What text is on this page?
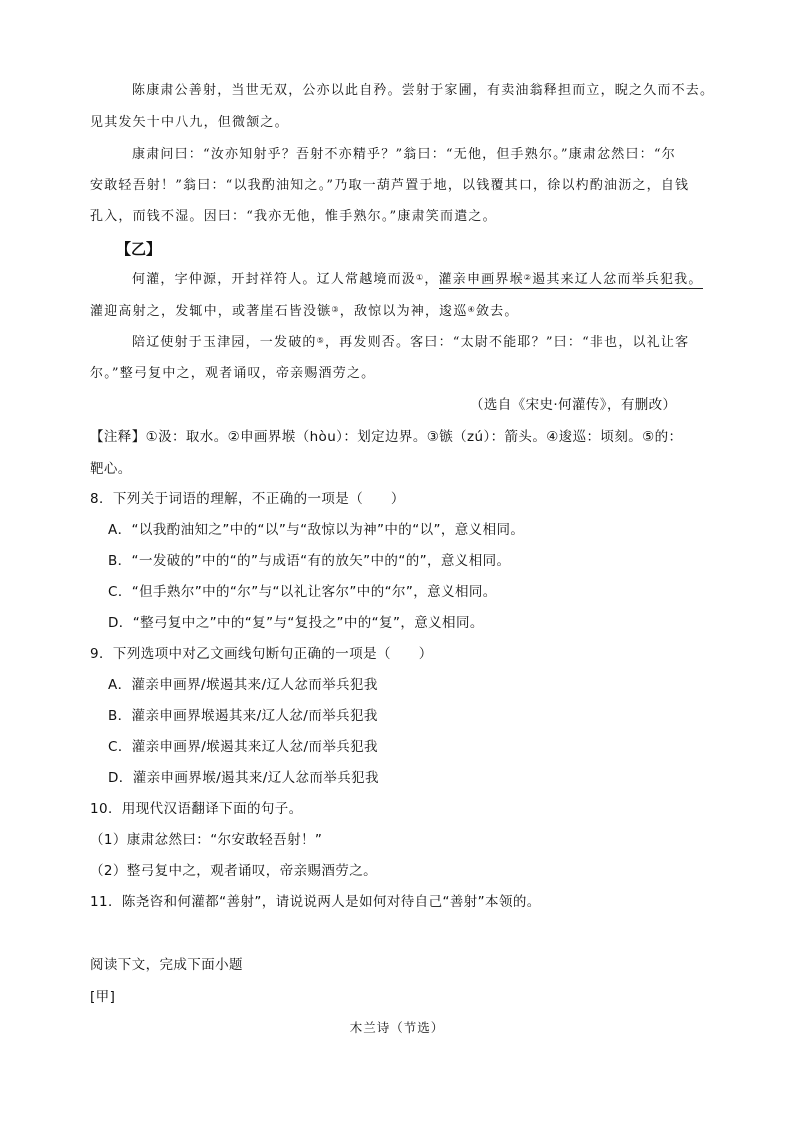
陈康肃公善射，当世无双，公亦以此自矜。尝射于家圃，有卖油翁释担而立，睨之久而不去。
见其发矢十中八九，但微颔之。
康肃问曰：“汝亦知射乎？吾射不亦精乎？”翁曰：“无他，但手熟尔。”康肃忿然曰：“尔
安敢轻吾射！”翁曰：“以我酌油知之。”乃取一葫芦置于地，以钱覆其口，徐以杓酌油沥之，自钱
孔入，而钱不湿。因曰：“我亦无他，惟手熟尔。”康肃笑而遣之。
【乙】
何灌，字仲源，开封祥符人。辽人常越境而汲①，灌亲申画界堠②遏其来辽人忿而举兵犯我。
灌迎高射之，发辄中，或著崖石皆没镞③，敌惊以为神，逡巡④敛去。
陪辽使射于玉津园，一发破的⑤，再发则否。客曰：“太尉不能耶？”曰：“非也，以礼让客
尔。”整弓复中之，观者诵叹，帝亲赐酒劳之。
（选自《宋史·何灌传》，有删改）
【注释】①汲：取水。②申画界堠（hòu）：划定边界。③镞（zú）：箭头。④逡巡：顷刻。⑤的：
靶心。
8．下列关于词语的理解，不正确的一项是（　　）
A．“以我酌油知之”中的“以”与“敌惊以为神”中的“以”，意义相同。
B．“一发破的”中的“的”与成语“有的放矢”中的“的”，意义相同。
C．“但手熟尔”中的“尔”与“以礼让客尔”中的“尔”，意义相同。
D．“整弓复中之”中的“复”与“复投之”中的“复”，意义相同。
9．下列选项中对乙文画线句断句正确的一项是（　　）
A．灌亲申画界/堠遏其来/辽人忿而举兵犯我
B．灌亲申画界堠遏其来/辽人忿/而举兵犯我
C．灌亲申画界/堠遏其来辽人忿/而举兵犯我
D．灌亲申画界堠/遏其来/辽人忿而举兵犯我
10．用现代汉语翻译下面的句子。
（1）康肃忿然曰：“尔安敢轻吾射！”
（2）整弓复中之，观者诵叹，帝亲赐酒劳之。
11．陈尧咨和何灌都“善射”，请说说两人是如何对待自己“善射”本领的。
阅读下文，完成下面小题
[甲]
木兰诗（节选）
